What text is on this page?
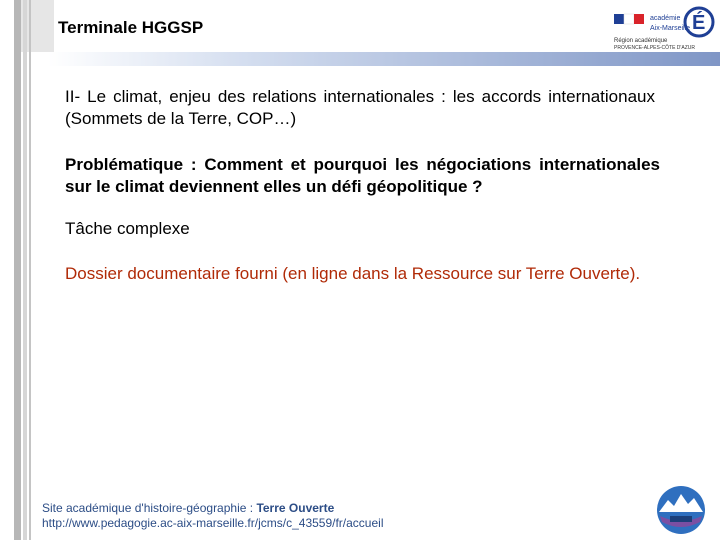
Terminale HGGSP	académie
Aix-Marseille É
Région académique
PROVENCE-ALPES-CÔTE D'AZUR
II- Le climat, enjeu des relations internationales : les accords internationaux (Sommets de la Terre, COP…)
Problématique : Comment et pourquoi les négociations internationales sur le climat deviennent elles un défi géopolitique ?
Tâche complexe
Dossier documentaire fourni (en ligne dans la Ressource sur Terre Ouverte).
Site académique d'histoire-géographie : Terre Ouverte
http://www.pedagogie.ac-aix-marseille.fr/jcms/c_43559/fr/accueil
